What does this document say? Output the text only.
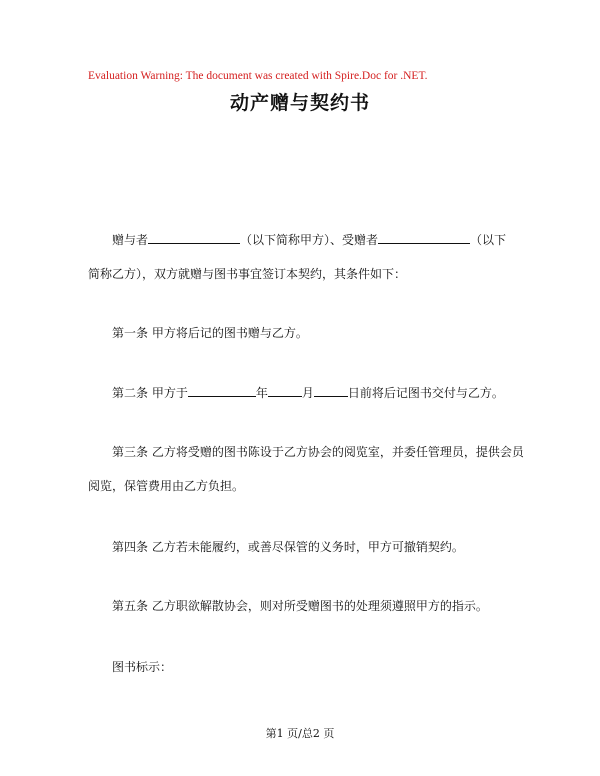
Evaluation Warning: The document was created with Spire.Doc for .NET.
动产赠与契约书
赠与者	（以下简称甲方）、受赠者	（以下
简称乙方），双方就赠与图书事宜签订本契约，其条件如下：
第一条 甲方将后记的图书赠与乙方。
第二条 甲方于	年	月	日前将后记图书交付与乙方。
第三条 乙方将受赠的图书陈设于乙方协会的阅览室，并委任管理员，提供会员
阅览，保管费用由乙方负担。
第四条 乙方若未能履约，或善尽保管的义务时，甲方可撤销契约。
第五条 乙方职欲解散协会，则对所受赠图书的处理须遵照甲方的指示。
图书标示：
第1 页/总2 页
